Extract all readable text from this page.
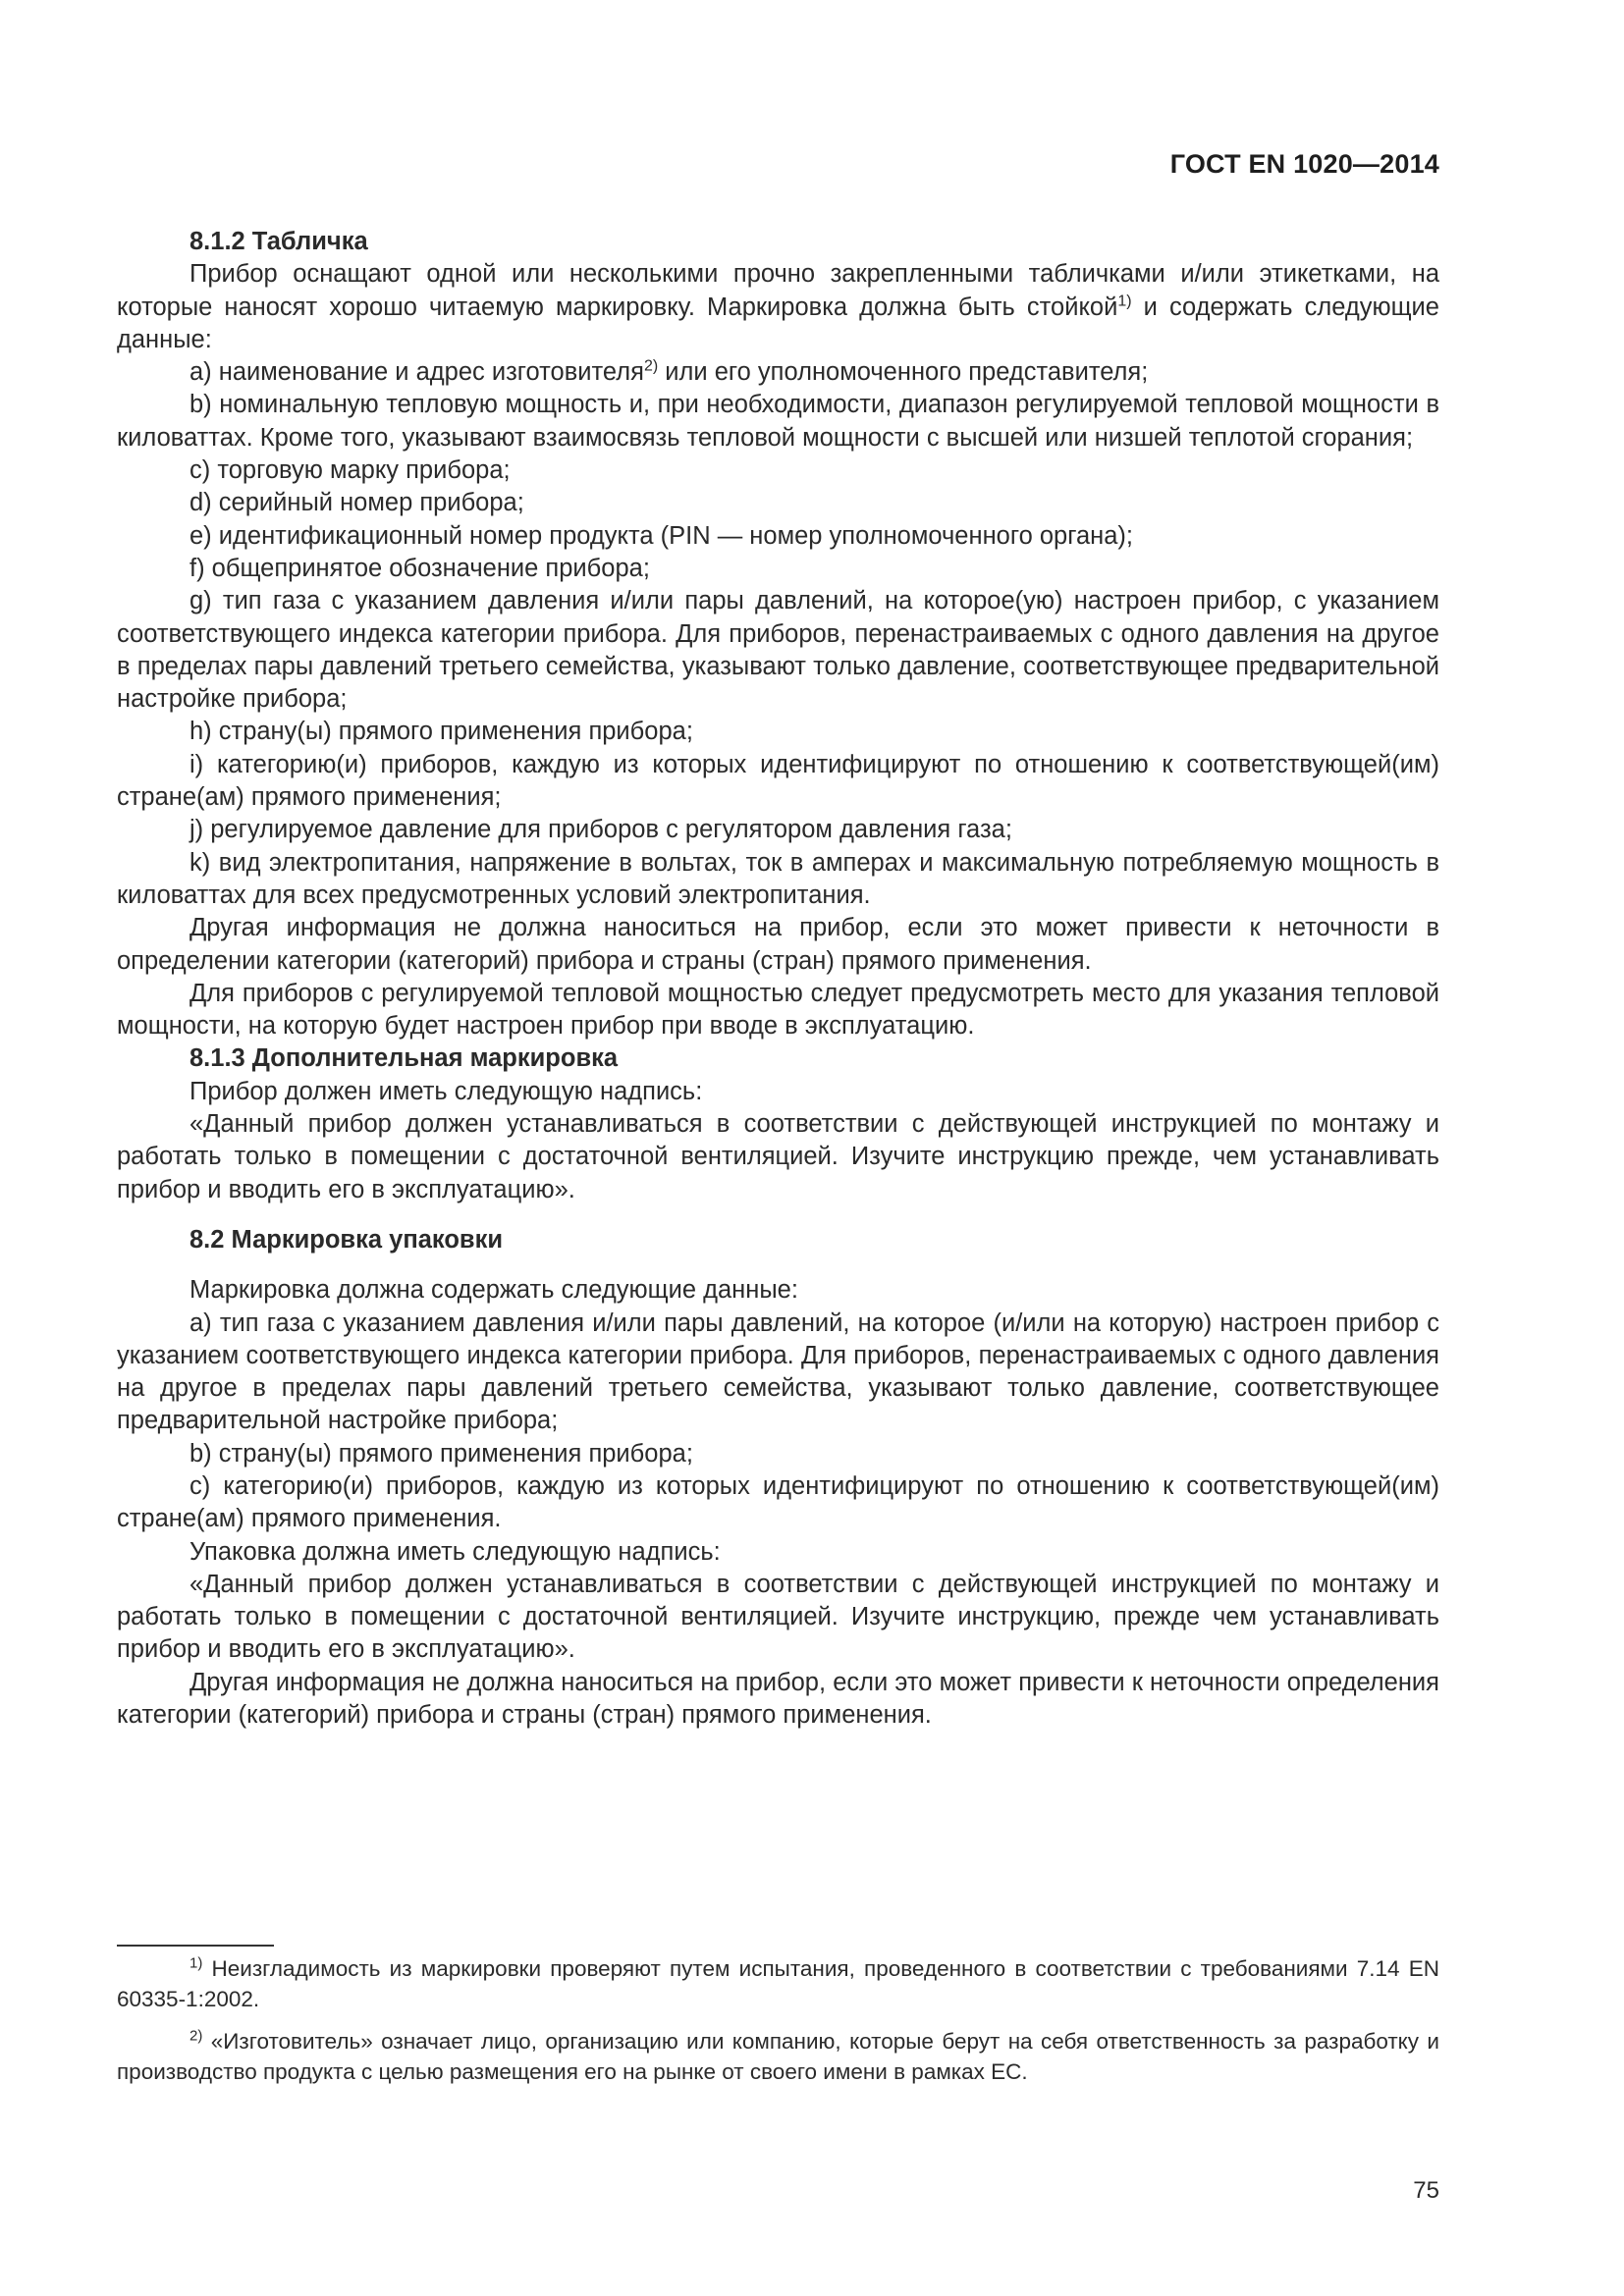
ГОСТ EN 1020—2014

8.1.2 Табличка

Прибор оснащают одной или несколькими прочно закрепленными табличками и/или этикетками, на которые наносят хорошо читаемую маркировку. Маркировка должна быть стойкой$^{1)}$ и содержать следующие данные:

а) наименование и адрес изготовителя$^{2)}$ или его уполномоченного представителя;

b) номинальную тепловую мощность и, при необходимости, диапазон регулируемой тепловой мощности в киловаттах. Кроме того, указывают взаимосвязь тепловой мощности с высшей или низшей теплотой сгорания;

с) торговую марку прибора;

d) серийный номер прибора;

е) идентификационный номер продукта (PIN — номер уполномоченного органа);

f) общепринятое обозначение прибора;

g) тип газа с указанием давления и/или пары давлений, на которое(ую) настроен прибор, с указанием соответствующего индекса категории прибора. Для приборов, перенастраиваемых с одного давления на другое в пределах пары давлений третьего семейства, указывают только давление, соответствующее предварительной настройке прибора;

h) страну(ы) прямого применения прибора;

i) категорию(и) приборов, каждую из которых идентифицируют по отношению к соответствующей(им) стране(ам) прямого применения;

j) регулируемое давление для приборов с регулятором давления газа;

k) вид электропитания, напряжение в вольтах, ток в амперах и максимальную потребляемую мощность в киловаттах для всех предусмотренных условий электропитания.

Другая информация не должна наноситься на прибор, если это может привести к неточности в определении категории (категорий) прибора и страны (стран) прямого применения.

Для приборов с регулируемой тепловой мощностью следует предусмотреть место для указания тепловой мощности, на которую будет настроен прибор при вводе в эксплуатацию.

8.1.3 Дополнительная маркировка

Прибор должен иметь следующую надпись:

«Данный прибор должен устанавливаться в соответствии с действующей инструкцией по монтажу и работать только в помещении с достаточной вентиляцией. Изучите инструкцию прежде, чем устанавливать прибор и вводить его в эксплуатацию».

8.2 Маркировка упаковки

Маркировка должна содержать следующие данные:

а) тип газа с указанием давления и/или пары давлений, на которое (и/или на которую) настроен прибор с указанием соответствующего индекса категории прибора. Для приборов, перенастраиваемых с одного давления на другое в пределах пары давлений третьего семейства, указывают только давление, соответствующее предварительной настройке прибора;

b) страну(ы) прямого применения прибора;

с) категорию(и) приборов, каждую из которых идентифицируют по отношению к соответствующей(им) стране(ам) прямого применения.

Упаковка должна иметь следующую надпись:

«Данный прибор должен устанавливаться в соответствии с действующей инструкцией по монтажу и работать только в помещении с достаточной вентиляцией. Изучите инструкцию, прежде чем устанавливать прибор и вводить его в эксплуатацию».

Другая информация не должна наноситься на прибор, если это может привести к неточности определения категории (категорий) прибора и страны (стран) прямого применения.

$^{1)}$ Неизгладимость из маркировки проверяют путем испытания, проведенного в соответствии с требованиями 7.14 EN 60335-1:2002.

$^{2)}$ «Изготовитель» означает лицо, организацию или компанию, которые берут на себя ответственность за разработку и производство продукта с целью размещения его на рынке от своего имени в рамках ЕС.

75
